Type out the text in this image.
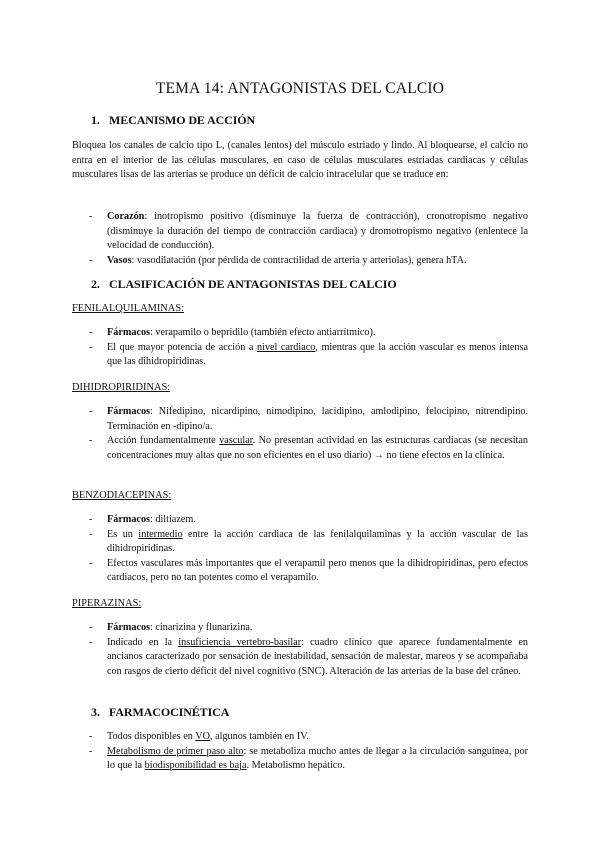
TEMA 14: ANTAGONISTAS DEL CALCIO
1. MECANISMO DE ACCIÓN
Bloquea los canales de calcio tipo L, (canales lentos) del músculo estriado y lindo. Al bloquearse, el calcio no entra en el interior de las células musculares, en caso de células musculares estriadas cardiacas y células musculares lisas de las arterias se produce un déficit de calcio intracelular que se traduce en:
- Corazón: inotropismo positivo (disminuye la fuerza de contracción), cronotropismo negativo (disminuye la duración del tiempo de contracción cardiaca) y dromotropismo negativo (enlentece la velocidad de conducción).
- Vasos: vasodilatación (por pérdida de contractilidad de arteria y arteriolas), genera hTA.
2. CLASIFICACIÓN DE ANTAGONISTAS DEL CALCIO
FENILALQUILAMINAS:
- Fármacos: verapamilo o bepridilo (también efecto antiarrítmico).
- El que mayor potencia de acción a nivel cardiaco, mientras que la acción vascular es menos intensa que las dihidropiridinas.
DIHIDROPIRIDINAS:
- Fármacos: Nifedipino, nicardipino, nimodipino, lacidipino, amlodipino, felocipino, nitrendipino. Terminación en -dipino/a.
- Acción fundamentalmente vascular. No presentan actividad en las estructuras cardiacas (se necesitan concentraciones muy altas que no son eficientes en el uso diario) → no tiene efectos en la clínica.
BENZODIACEPINAS:
- Fármacos: diltiazem.
- Es un intermedio entre la acción cardiaca de las fenilalquilaminas y la acción vascular de las dihidropiridinas.
- Efectos vasculares más importantes que el verapamil pero menos que la dihidropiridinas, pero efectos cardiacos, pero no tan potentes como el verapamilo.
PIPERAZINAS:
- Fármacos: cinarizina y flunarizina.
- Indicado en la insuficiencia vertebro-basilar: cuadro clínico que aparece fundamentalmente en ancianos caracterizado por sensación de inestabilidad, sensación de malestar, mareos y se acompañaba con rasgos de cierto déficit del nivel cognitivo (SNC). Alteración de las arterias de la base del cráneo.
3. FARMACOCINÉTICA
- Todos disponibles en VO, algunos también en IV.
- Metabolismo de primer paso alto: se metaboliza mucho antes de llegar a la circulación sanguínea, por lo que la biodisponibilidad es baja. Metabolismo hepático.
